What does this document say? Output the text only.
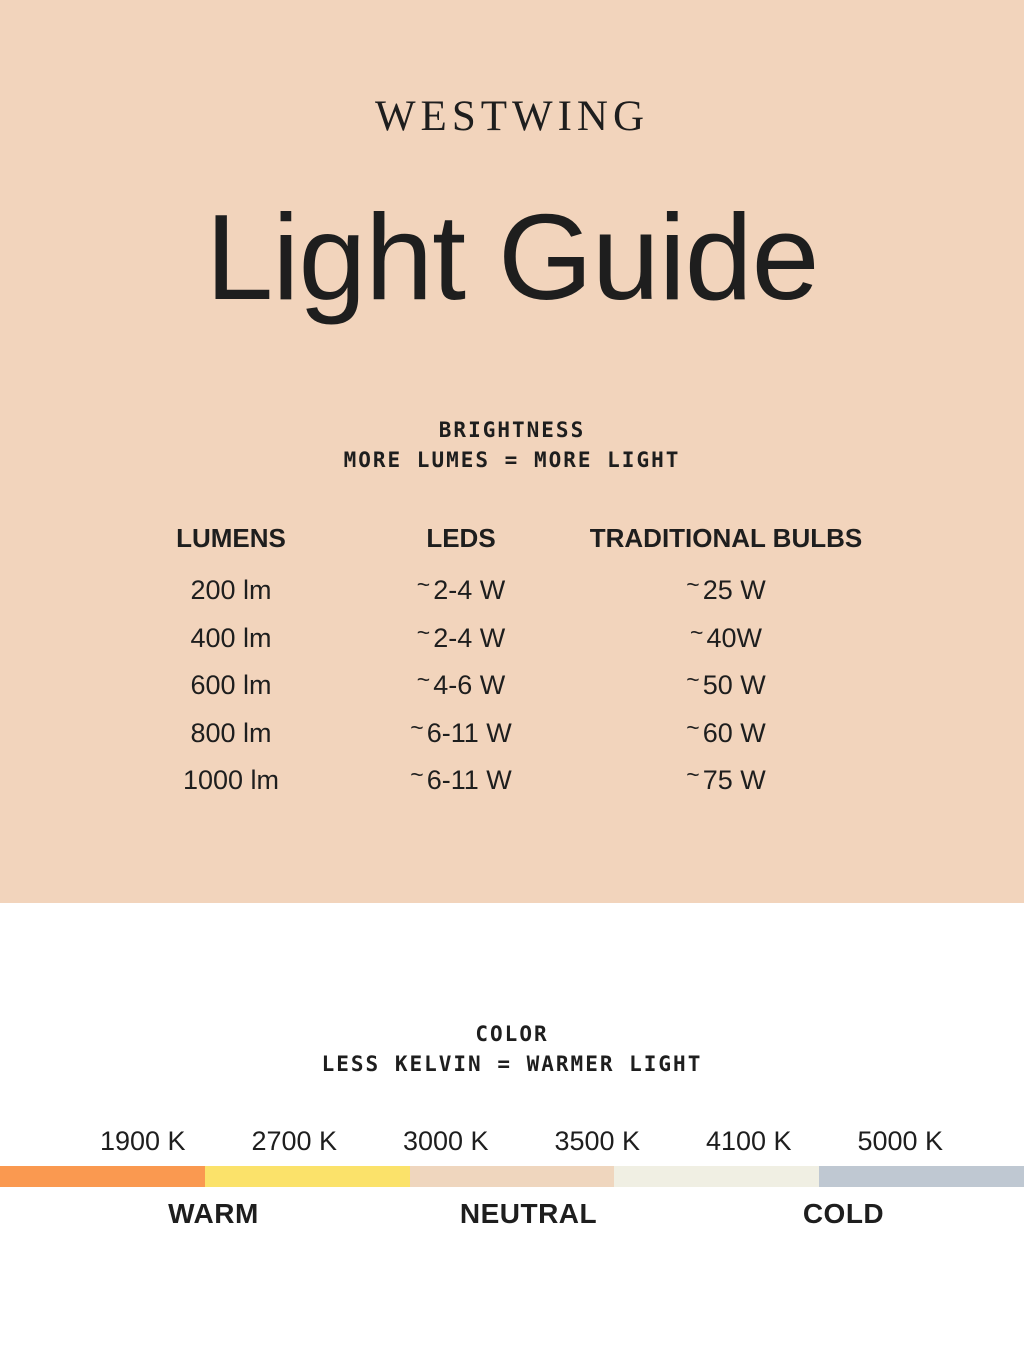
WESTWING
Light Guide
BRIGHTNESS
MORE LUMES = MORE LIGHT
LUMENS	LEDS	TRADITIONAL BULBS
200 lm	~ 2-4 W	~ 25 W
400 lm	~ 2-4 W	~ 40W
600 lm	~ 4-6 W	~ 50 W
800 lm	~ 6-11 W	~ 60 W
1000 lm	~ 6-11 W	~ 75 W
COLOR
LESS KELVIN = WARMER LIGHT
1900 K	2700 K	3000 K	3500 K	4100 K	5000 K
WARM	NEUTRAL	COLD
